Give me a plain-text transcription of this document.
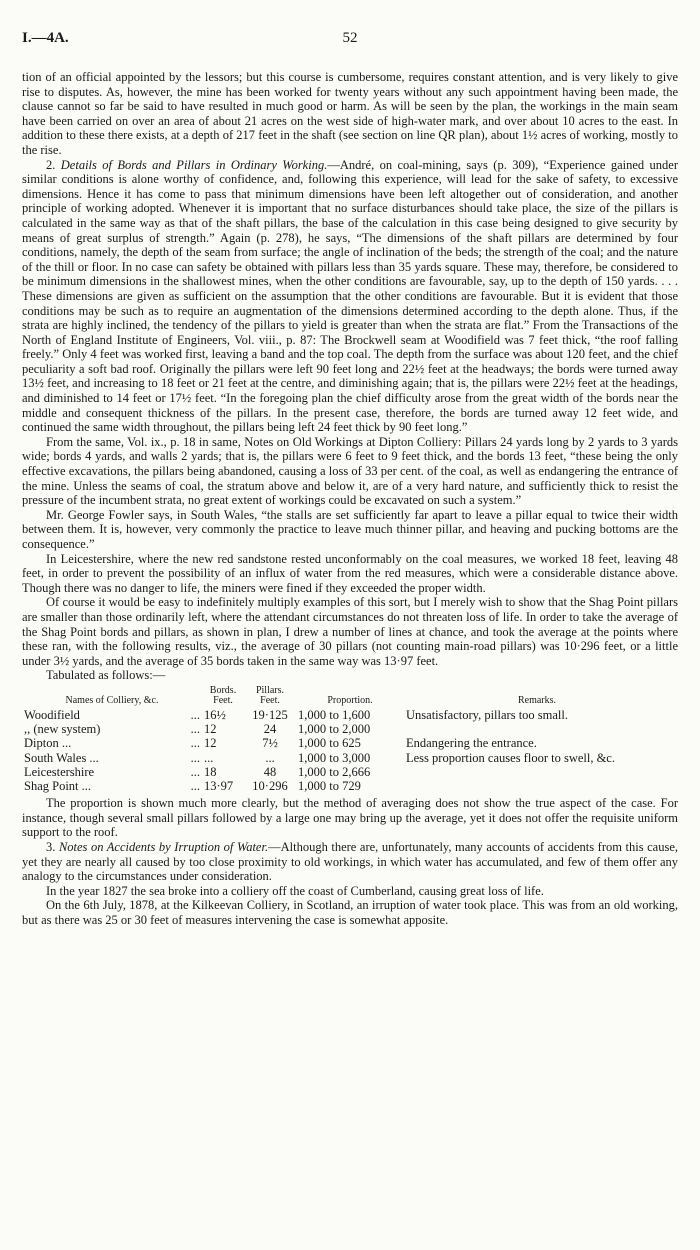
I.—4A.	52

tion of an official appointed by the lessors; but this course is cumbersome, requires constant attention, and is very likely to give rise to disputes. As, however, the mine has been worked for twenty years without any such appointment having been made, the clause cannot so far be said to have resulted in much good or harm. As will be seen by the plan, the workings in the main seam have been carried on over an area of about 21 acres on the west side of high-water mark, and over about 10 acres to the east. In addition to these there exists, at a depth of 217 feet in the shaft (see section on line QR plan), about 1½ acres of working, mostly to the rise.

2. Details of Bords and Pillars in Ordinary Working.—André, on coal-mining, says (p. 309), “Experience gained under similar conditions is alone worthy of confidence, and, following this experience, will lead for the sake of safety, to excessive dimensions. Hence it has come to pass that minimum dimensions have been left altogether out of consideration, and another principle of working adopted. Whenever it is important that no surface disturbances should take place, the size of the pillars is calculated in the same way as that of the shaft pillars, the base of the calculation in this case being designed to give security by means of great surplus of strength.” Again (p. 278), he says, “The dimensions of the shaft pillars are determined by four conditions, namely, the depth of the seam from surface; the angle of inclination of the beds; the strength of the coal; and the nature of the thill or floor. In no case can safety be obtained with pillars less than 35 yards square. These may, therefore, be considered to be minimum dimensions in the shallowest mines, when the other conditions are favourable, say, up to the depth of 150 yards. . . . These dimensions are given as sufficient on the assumption that the other conditions are favourable. But it is evident that those conditions may be such as to require an augmentation of the dimensions determined according to the depth alone. Thus, if the strata are highly inclined, the tendency of the pillars to yield is greater than when the strata are flat.” From the Transactions of the North of England Institute of Engineers, Vol. viii., p. 87: The Brockwell seam at Woodifield was 7 feet thick, “the roof falling freely.” Only 4 feet was worked first, leaving a band and the top coal. The depth from the surface was about 120 feet, and the chief peculiarity a soft bad roof. Originally the pillars were left 90 feet long and 22½ feet at the headways; the bords were turned away 13½ feet, and increasing to 18 feet or 21 feet at the centre, and diminishing again; that is, the pillars were 22½ feet at the headings, and diminished to 14 feet or 17½ feet. “In the foregoing plan the chief difficulty arose from the great width of the bords near the middle and consequent thickness of the pillars. In the present case, therefore, the bords are turned away 12 feet wide, and continued the same width throughout, the pillars being left 24 feet thick by 90 feet long.”

From the same, Vol. ix., p. 18 in same, Notes on Old Workings at Dipton Colliery: Pillars 24 yards long by 2 yards to 3 yards wide; bords 4 yards, and walls 2 yards; that is, the pillars were 6 feet to 9 feet thick, and the bords 13 feet, “these being the only effective excavations, the pillars being abandoned, causing a loss of 33 per cent. of the coal, as well as endangering the entrance of the mine. Unless the seams of coal, the stratum above and below it, are of a very hard nature, and sufficiently thick to resist the pressure of the incumbent strata, no great extent of workings could be excavated on such a system.”

Mr. George Fowler says, in South Wales, “the stalls are set sufficiently far apart to leave a pillar equal to twice their width between them. It is, however, very commonly the practice to leave much thinner pillar, and heaving and pucking bottoms are the consequence.”

In Leicestershire, where the new red sandstone rested unconformably on the coal measures, we worked 18 feet, leaving 48 feet, in order to prevent the possibility of an influx of water from the red measures, which were a considerable distance above. Though there was no danger to life, the miners were fined if they exceeded the proper width.

Of course it would be easy to indefinitely multiply examples of this sort, but I merely wish to show that the Shag Point pillars are smaller than those ordinarily left, where the attendant circumstances do not threaten loss of life. In order to take the average of the Shag Point bords and pillars, as shown in plan, I drew a number of lines at chance, and took the average at the points where these ran, with the following results, viz., the average of 30 pillars (not counting main-road pillars) was 10·296 feet, or a little under 3½ yards, and the average of 35 bords taken in the same way was 13·97 feet.

Tabulated as follows:—

Names of Colliery, &c.	Bords. Feet.	Pillars. Feet.	Proportion.	Remarks.
Woodifield ...	16½	19·125	1,000 to 1,600	Unsatisfactory, pillars too small.
,, (new system) ...	12	24	1,000 to 2,000	
Dipton ... ...	12	7½	1,000 to 625	Endangering the entrance.
South Wales ... ...	...	...	1,000 to 3,000	Less proportion causes floor to swell, &c.
Leicestershire ...	18	48	1,000 to 2,666	
Shag Point ... ...	13·97	10·296	1,000 to 729	

The proportion is shown much more clearly, but the method of averaging does not show the true aspect of the case. For instance, though several small pillars followed by a large one may bring up the average, yet it does not offer the requisite uniform support to the roof.

3. Notes on Accidents by Irruption of Water.—Although there are, unfortunately, many accounts of accidents from this cause, yet they are nearly all caused by too close proximity to old workings, in which water has accumulated, and few of them offer any analogy to the circumstances under consideration.

In the year 1827 the sea broke into a colliery off the coast of Cumberland, causing great loss of life.

On the 6th July, 1878, at the Kilkeevan Colliery, in Scotland, an irruption of water took place. This was from an old working, but as there was 25 or 30 feet of measures intervening the case is somewhat apposite.
